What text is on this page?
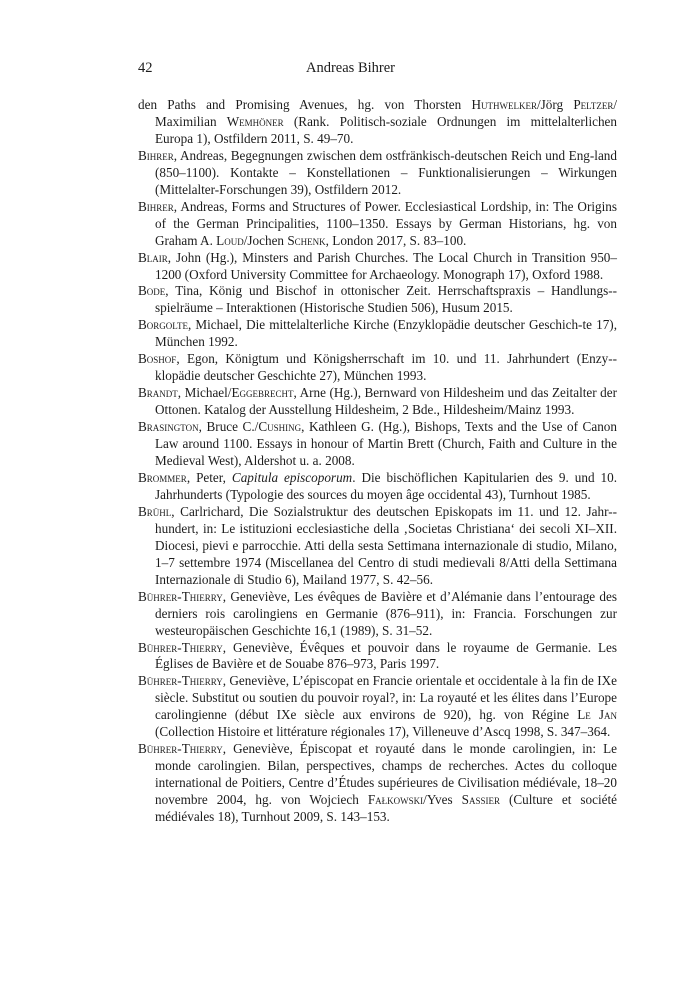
42	Andreas Bihrer

den Paths and Promising Avenues, hg. von Thorsten Huthwelker/Jörg Peltzer/ Maximilian Wemhöner (Rank. Politisch-soziale Ordnungen im mittelalterlichen Europa 1), Ostfildern 2011, S. 49–70.

Bihrer, Andreas, Begegnungen zwischen dem ostfränkisch-deutschen Reich und Eng-land (850–1100). Kontakte – Konstellationen – Funktionalisierungen – Wirkungen (Mittelalter-Forschungen 39), Ostfildern 2012.

Bihrer, Andreas, Forms and Structures of Power. Ecclesiastical Lordship, in: The Origins of the German Principalities, 1100–1350. Essays by German Historians, hg. von Graham A. Loud/Jochen Schenk, London 2017, S. 83–100.

Blair, John (Hg.), Minsters and Parish Churches. The Local Church in Transition 950–1200 (Oxford University Committee for Archaeology. Monograph 17), Oxford 1988.

Bode, Tina, König und Bischof in ottonischer Zeit. Herrschaftspraxis – Handlungs-spielräume – Interaktionen (Historische Studien 506), Husum 2015.

Borgolte, Michael, Die mittelalterliche Kirche (Enzyklopädie deutscher Geschich-te 17), München 1992.

Boshof, Egon, Königtum und Königsherrschaft im 10. und 11. Jahrhundert (Enzy-klopädie deutscher Geschichte 27), München 1993.

Brandt, Michael/Eggebrecht, Arne (Hg.), Bernward von Hildesheim und das Zeitalter der Ottonen. Katalog der Ausstellung Hildesheim, 2 Bde., Hildesheim/Mainz 1993.

Brasington, Bruce C./Cushing, Kathleen G. (Hg.), Bishops, Texts and the Use of Canon Law around 1100. Essays in honour of Martin Brett (Church, Faith and Culture in the Medieval West), Aldershot u. a. 2008.

Brommer, Peter, Capitula episcoporum. Die bischöflichen Kapitularien des 9. und 10. Jahrhunderts (Typologie des sources du moyen âge occidental 43), Turnhout 1985.

Brühl, Carlrichard, Die Sozialstruktur des deutschen Episkopats im 11. und 12. Jahr-hundert, in: Le istituzioni ecclesiastiche della ‚Societas Christiana‘ dei secoli XI–XII. Diocesi, pievi e parrocchie. Atti della sesta Settimana internazionale di studio, Milano, 1–7 settembre 1974 (Miscellanea del Centro di studi medievali 8/Atti della Settimana Internazionale di Studio 6), Mailand 1977, S. 42–56.

Bührer-Thierry, Geneviève, Les évêques de Bavière et d’Alémanie dans l’entourage des derniers rois carolingiens en Germanie (876–911), in: Francia. Forschungen zur westeuropäischen Geschichte 16,1 (1989), S. 31–52.

Bührer-Thierry, Geneviève, Évêques et pouvoir dans le royaume de Germanie. Les Églises de Bavière et de Souabe 876–973, Paris 1997.

Bührer-Thierry, Geneviève, L’épiscopat en Francie orientale et occidentale à la fin de IXe siècle. Substitut ou soutien du pouvoir royal?, in: La royauté et les élites dans l’Europe carolingienne (début IXe siècle aux environs de 920), hg. von Régine Le Jan (Collection Histoire et littérature régionales 17), Villeneuve d’Ascq 1998, S. 347–364.

Bührer-Thierry, Geneviève, Épiscopat et royauté dans le monde carolingien, in: Le monde carolingien. Bilan, perspectives, champs de recherches. Actes du colloque international de Poitiers, Centre d’Études supérieures de Civilisation médiévale, 18–20 novembre 2004, hg. von Wojciech Fałkowski/Yves Sassier (Culture et société médiévales 18), Turnhout 2009, S. 143–153.
